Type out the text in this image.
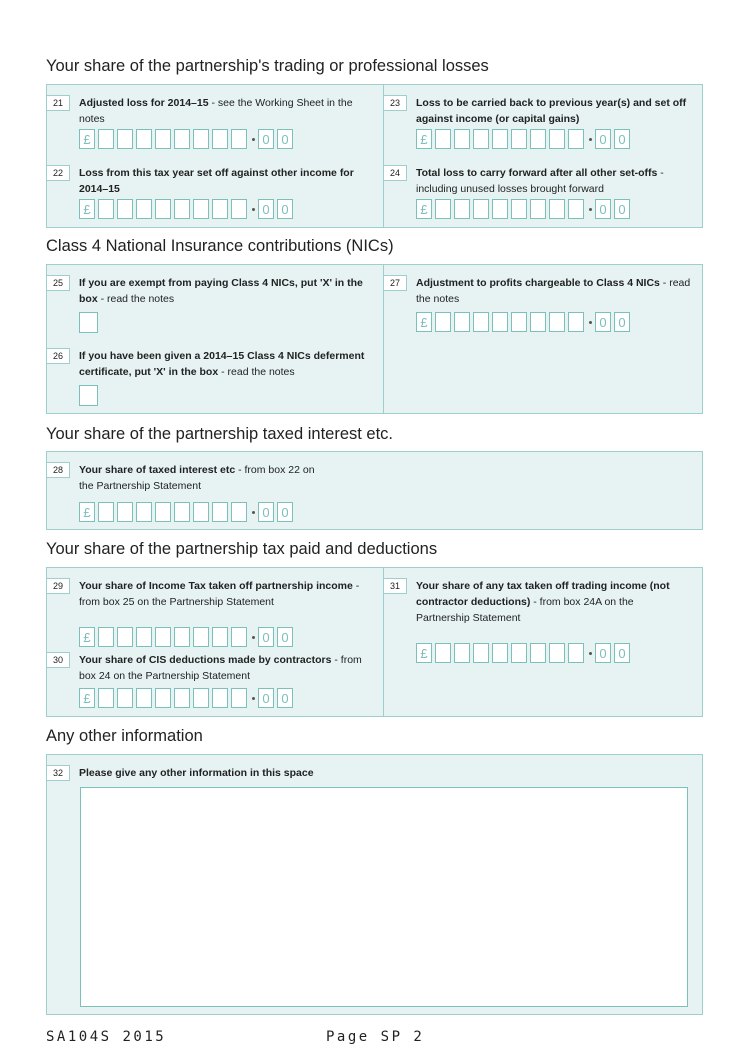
Your share of the partnership's trading or professional losses
21	Adjusted loss for 2014–15 - see the Working Sheet in the notes
£	0 0
22	Loss from this tax year set off against other income for 2014–15
£	0 0
23	Loss to be carried back to previous year(s) and set off against income (or capital gains)
£	0 0
24	Total loss to carry forward after all other set-offs - including unused losses brought forward
£	0 0
Class 4 National Insurance contributions (NICs)
25	If you are exempt from paying Class 4 NICs, put 'X' in the box - read the notes
26	If you have been given a 2014–15 Class 4 NICs deferment certificate, put 'X' in the box - read the notes
27	Adjustment to profits chargeable to Class 4 NICs - read the notes
£	0 0
Your share of the partnership taxed interest etc.
28	Your share of taxed interest etc - from box 22 on the Partnership Statement
£	0 0
Your share of the partnership tax paid and deductions
29	Your share of Income Tax taken off partnership income - from box 25 on the Partnership Statement
£	0 0
30	Your share of CIS deductions made by contractors - from box 24 on the Partnership Statement
£	0 0
31	Your share of any tax taken off trading income (not contractor deductions) - from box 24A on the Partnership Statement
£	0 0
Any other information
32	Please give any other information in this space
SA104S 2015	Page SP 2
